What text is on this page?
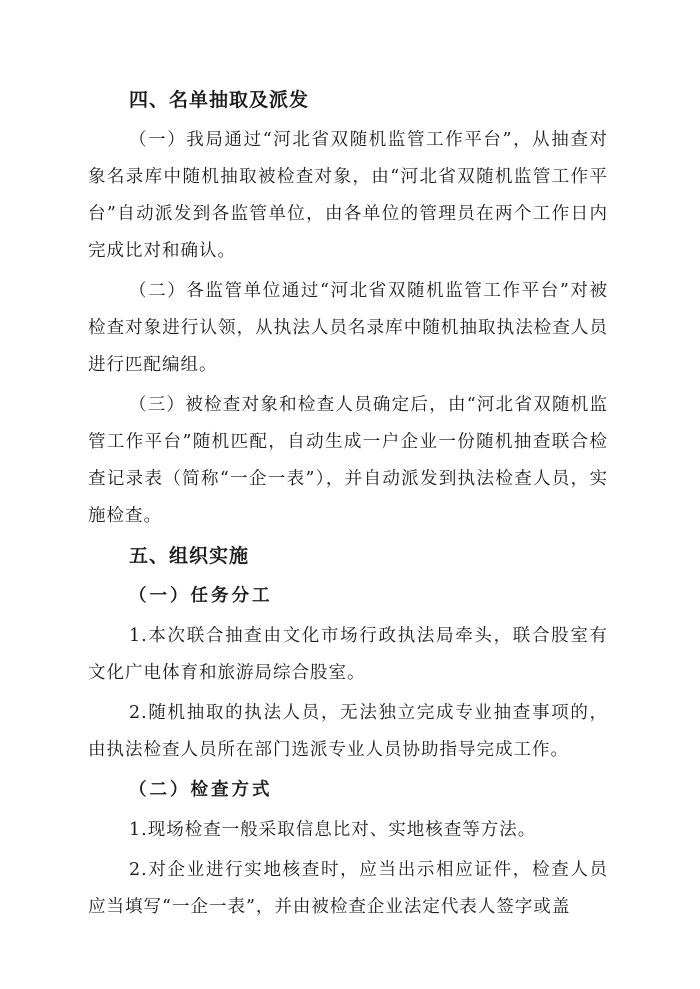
四、名单抽取及派发

（一）我局通过“河北省双随机监管工作平台”，从抽查对象名录库中随机抽取被检查对象，由“河北省双随机监管工作平台”自动派发到各监管单位，由各单位的管理员在两个工作日内完成比对和确认。

（二）各监管单位通过“河北省双随机监管工作平台”对被检查对象进行认领，从执法人员名录库中随机抽取执法检查人员进行匹配编组。

（三）被检查对象和检查人员确定后，由“河北省双随机监管工作平台”随机匹配，自动生成一户企业一份随机抽查联合检查记录表（简称“一企一表”），并自动派发到执法检查人员，实施检查。

五、组织实施
（一）任务分工

1.本次联合抽查由文化市场行政执法局牵头，联合股室有文化广电体育和旅游局综合股室。

2.随机抽取的执法人员，无法独立完成专业抽查事项的，由执法检查人员所在部门选派专业人员协助指导完成工作。

（二）检查方式

1.现场检查一般采取信息比对、实地核查等方法。

2.对企业进行实地核查时，应当出示相应证件，检查人员应当填写“一企一表”，并由被检查企业法定代表人签字或盖
